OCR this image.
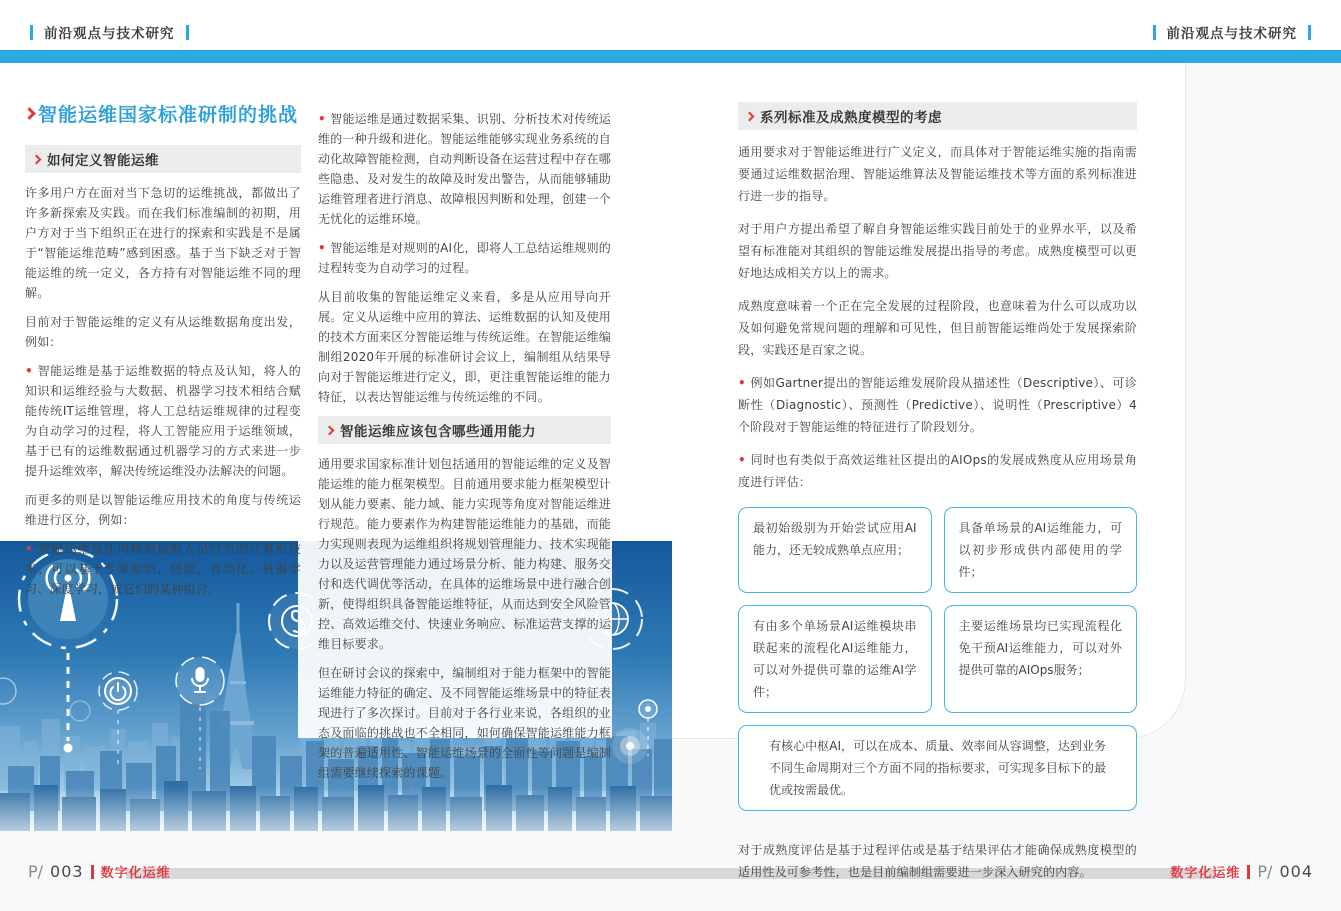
前沿观点与技术研究	前沿观点与技术研究
智能运维国家标准研制的挑战
如何定义智能运维

许多用户方在面对当下急切的运维挑战，都做出了许多新探索及实践。而在我们标准编制的初期，用户方对于当下组织正在进行的探索和实践是不是属于“智能运维范畴”感到困惑。基于当下缺乏对于智能运维的统一定义，各方持有对智能运维不同的理解。

目前对于智能运维的定义有从运维数据角度出发，例如：

• 智能运维是基于运维数据的特点及认知，将人的知识和运维经验与大数据、机器学习技术相结合赋能传统IT运维管理，将人工总结运维规律的过程变为自动学习的过程，将人工智能应用于运维领域，基于已有的运维数据通过机器学习的方式来进一步提升运维效率，解决传统运维没办法解决的问题。

而更多的则是以智能运维应用技术的角度与传统运维进行区分，例如：

• 智能运维是任何模拟运维人员行为的计算机技术，可以基于专家知识、经验、自动化、机器学习、深度学习，或它们的某种组合。

• 智能运维是通过数据采集、识别、分析技术对传统运维的一种升级和进化。智能运维能够实现业务系统的自动化故障智能检测，自动判断设备在运营过程中存在哪些隐患、及对发生的故障及时发出警告，从而能够辅助运维管理者进行消息、故障根因判断和处理，创建一个无忧化的运维环境。

• 智能运维是对规则的AI化，即将人工总结运维规则的过程转变为自动学习的过程。

从目前收集的智能运维定义来看，多是从应用导向开展。定义从运维中应用的算法、运维数据的认知及使用的技术方面来区分智能运维与传统运维。在智能运维编制组2020年开展的标准研讨会议上，编制组从结果导向对于智能运维进行定义，即，更注重智能运维的能力特征，以表达智能运维与传统运维的不同。

智能运维应该包含哪些通用能力

通用要求国家标准计划包括通用的智能运维的定义及智能运维的能力框架模型。目前通用要求能力框架模型计划从能力要素、能力域、能力实现等角度对智能运维进行规范。能力要素作为构建智能运维能力的基础，而能力实现则表现为运维组织将规划管理能力、技术实现能力以及运营管理能力通过场景分析、能力构建、服务交付和迭代调优等活动，在具体的运维场景中进行融合创新，使得组织具备智能运维特征，从而达到安全风险管控、高效运维交付、快速业务响应、标准运营支撑的运维目标要求。

但在研讨会议的探索中，编制组对于能力框架中的智能运维能力特征的确定、及不同智能运维场景中的特征表现进行了多次探讨。目前对于各行业来说，各组织的业态及面临的挑战也不全相同，如何确保智能运维能力框架的普遍适用性、智能运维场景的全面性等问题是编制组需要继续探索的课题。

系列标准及成熟度模型的考虑

通用要求对于智能运维进行广义定义，而具体对于智能运维实施的指南需要通过运维数据治理、智能运维算法及智能运维技术等方面的系列标准进行进一步的指导。

对于用户方提出希望了解自身智能运维实践目前处于的业界水平，以及希望有标准能对其组织的智能运维发展提出指导的考虑。成熟度模型可以更好地达成相关方以上的需求。

成熟度意味着一个正在完全发展的过程阶段，也意味着为什么可以成功以及如何避免常规问题的理解和可见性，但目前智能运维尚处于发展探索阶段，实践还是百家之说。

• 例如Gartner提出的智能运维发展阶段从描述性（Descriptive）、可诊断性（Diagnostic）、预测性（Predictive）、说明性（Prescriptive）4个阶段对于智能运维的特征进行了阶段划分。

• 同时也有类似于高效运维社区提出的AIOps的发展成熟度从应用场景角度进行评估：

最初始级别为开始尝试应用AI能力，还无较成熟单点应用；
具备单场景的AI运维能力，可以初步形成供内部使用的学件；
有由多个单场景AI运维模块串联起来的流程化AI运维能力，可以对外提供可靠的运维AI学件；
主要运维场景均已实现流程化免干预AI运维能力，可以对外提供可靠的AIOps服务；
有核心中枢AI，可以在成本、质量、效率间从容调整，达到业务不同生命周期对三个方面不同的指标要求，可实现多目标下的最优或按需最优。

对于成熟度评估是基于过程评估或是基于结果评估才能确保成熟度模型的适用性及可参考性，也是目前编制组需要进一步深入研究的内容。

P/ 003 数字化运维	数字化运维 P/ 004
